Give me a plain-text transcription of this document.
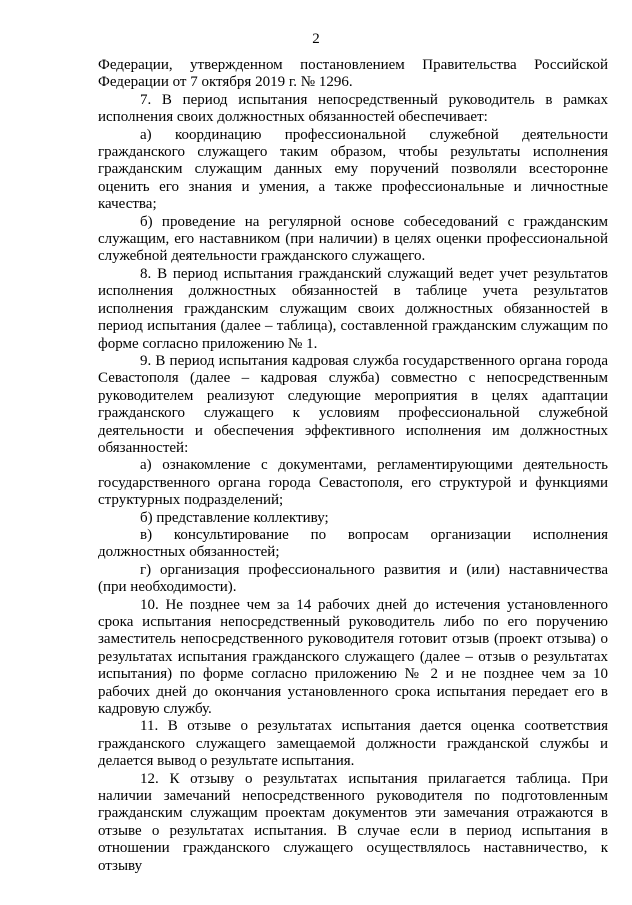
2

Федерации, утвержденном постановлением Правительства Российской Федерации от 7 октября 2019 г. № 1296.

7. В период испытания непосредственный руководитель в рамках исполнения своих должностных обязанностей обеспечивает:

а) координацию профессиональной служебной деятельности гражданского служащего таким образом, чтобы результаты исполнения гражданским служащим данных ему поручений позволяли всесторонне оценить его знания и умения, а также профессиональные и личностные качества;

б) проведение на регулярной основе собеседований с гражданским служащим, его наставником (при наличии) в целях оценки профессиональной служебной деятельности гражданского служащего.

8. В период испытания гражданский служащий ведет учет результатов исполнения должностных обязанностей в таблице учета результатов исполнения гражданским служащим своих должностных обязанностей в период испытания (далее – таблица), составленной гражданским служащим по форме согласно приложению № 1.

9. В период испытания кадровая служба государственного органа города Севастополя (далее – кадровая служба) совместно с непосредственным руководителем реализуют следующие мероприятия в целях адаптации гражданского служащего к условиям профессиональной служебной деятельности и обеспечения эффективного исполнения им должностных обязанностей:

а) ознакомление с документами, регламентирующими деятельность государственного органа города Севастополя, его структурой и функциями структурных подразделений;

б) представление коллективу;

в) консультирование по вопросам организации исполнения должностных обязанностей;

г) организация профессионального развития и (или) наставничества (при необходимости).

10. Не позднее чем за 14 рабочих дней до истечения установленного срока испытания непосредственный руководитель либо по его поручению заместитель непосредственного руководителя готовит отзыв (проект отзыва) о результатах испытания гражданского служащего (далее – отзыв о результатах испытания) по форме согласно приложению № 2 и не позднее чем за 10 рабочих дней до окончания установленного срока испытания передает его в кадровую службу.

11. В отзыве о результатах испытания дается оценка соответствия гражданского служащего замещаемой должности гражданской службы и делается вывод о результате испытания.

12. К отзыву о результатах испытания прилагается таблица. При наличии замечаний непосредственного руководителя по подготовленным гражданским служащим проектам документов эти замечания отражаются в отзыве о результатах испытания. В случае если в период испытания в отношении гражданского служащего осуществлялось наставничество, к отзыву
